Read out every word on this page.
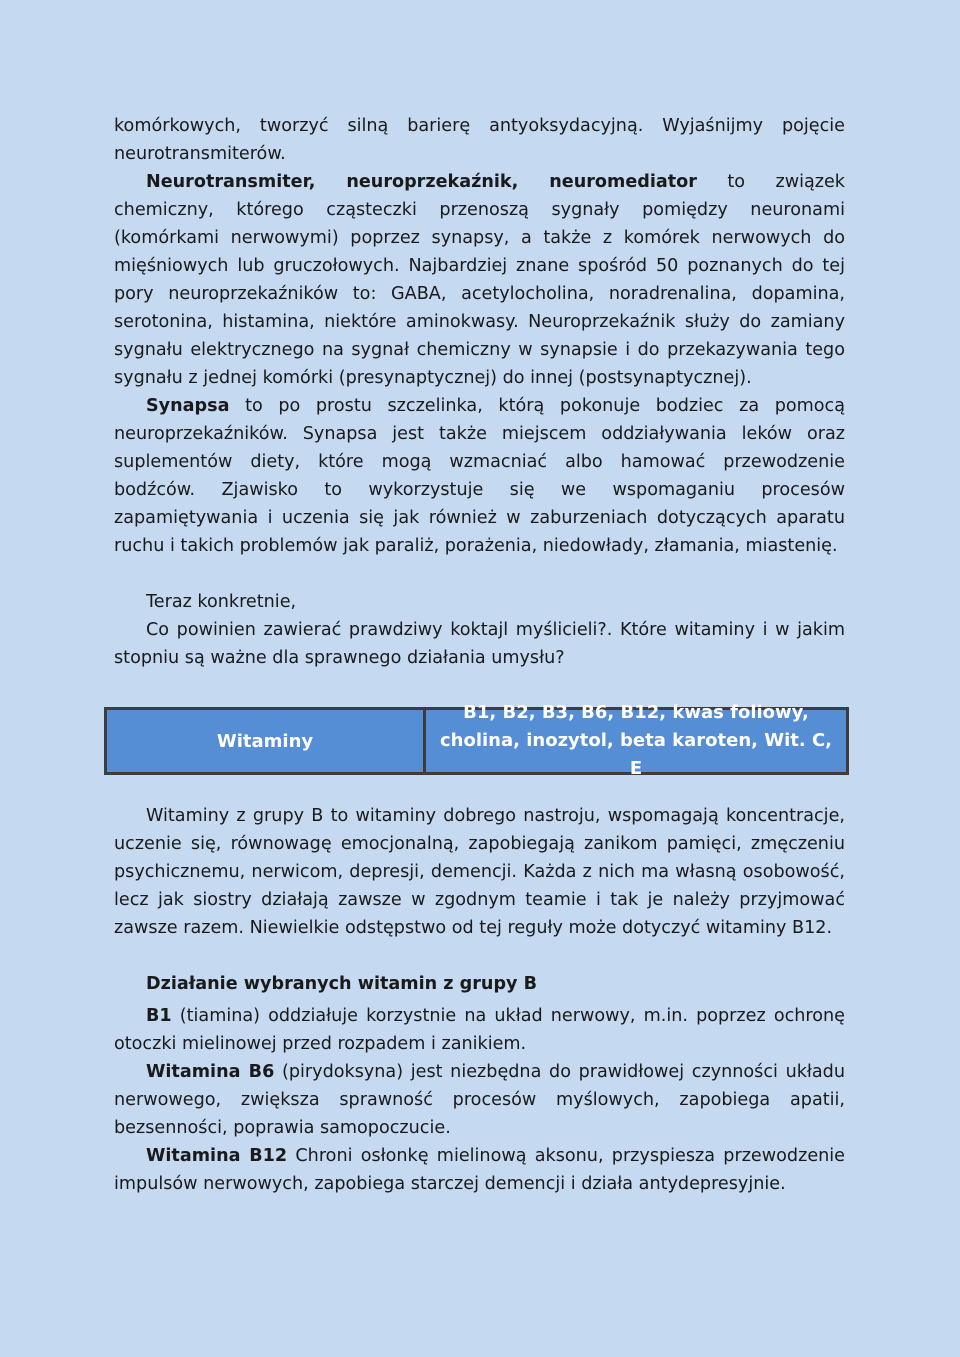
komórkowych, tworzyć silną barierę antyoksydacyjną. Wyjaśnijmy pojęcie neurotransmiterów.

Neurotransmiter, neuroprzekaźnik, neuromediator to związek chemiczny, którego cząsteczki przenoszą sygnały pomiędzy neuronami (komórkami nerwowymi) poprzez synapsy, a także z komórek nerwowych do mięśniowych lub gruczołowych. Najbardziej znane spośród 50 poznanych do tej pory neuroprzekaźników to: GABA, acetylocholina, noradrenalina, dopamina, serotonina, histamina, niektóre aminokwasy. Neuroprzekaźnik służy do zamiany sygnału elektrycznego na sygnał chemiczny w synapsie i do przekazywania tego sygnału z jednej komórki (presynaptycznej) do innej (postsynaptycznej).

Synapsa to po prostu szczelinka, którą pokonuje bodziec za pomocą neuroprzekaźników. Synapsa jest także miejscem oddziaływania leków oraz suplementów diety, które mogą wzmacniać albo hamować przewodzenie bodźców. Zjawisko to wykorzystuje się we wspomaganiu procesów zapamiętywania i uczenia się jak również w zaburzeniach dotyczących aparatu ruchu i takich problemów jak paraliż, porażenia, niedowłady, złamania, miastenię.

Teraz konkretnie,

Co powinien zawierać prawdziwy koktajl myślicieli?. Które witaminy i w jakim stopniu są ważne dla sprawnego działania umysłu?

Witaminy
B1, B2, B3, B6, B12, kwas foliowy,
cholina, inozytol, beta karoten, Wit. C, E

Witaminy z grupy B to witaminy dobrego nastroju, wspomagają koncentracje, uczenie się, równowagę emocjonalną, zapobiegają zanikom pamięci, zmęczeniu psychicznemu, nerwicom, depresji, demencji. Każda z nich ma własną osobowość, lecz jak siostry działają zawsze w zgodnym teamie i tak je należy przyjmować zawsze razem. Niewielkie odstępstwo od tej reguły może dotyczyć witaminy B12.

Działanie wybranych witamin z grupy B

B1 (tiamina) oddziałuje korzystnie na układ nerwowy, m.in. poprzez ochronę otoczki mielinowej przed rozpadem i zanikiem.

Witamina B6 (pirydoksyna) jest niezbędna do prawidłowej czynności układu nerwowego, zwiększa sprawność procesów myślowych, zapobiega apatii, bezsenności, poprawia samopoczucie.

Witamina B12 Chroni osłonkę mielinową aksonu, przyspiesza przewodzenie impulsów nerwowych, zapobiega starczej demencji i działa antydepresyjnie.
